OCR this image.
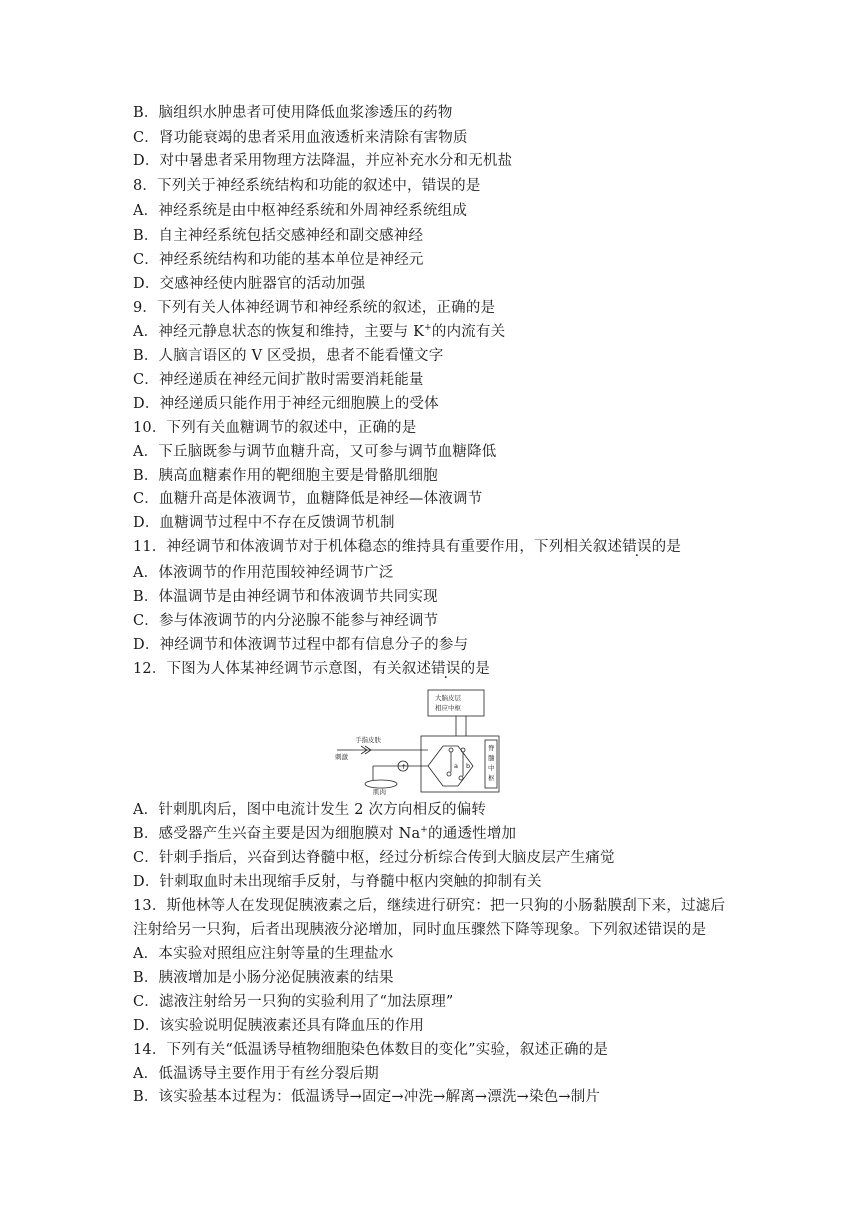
B．脑组织水肿患者可使用降低血浆渗透压的药物
C．肾功能衰竭的患者采用血液透析来清除有害物质
D．对中暑患者采用物理方法降温，并应补充水分和无机盐
8．下列关于神经系统结构和功能的叙述中，错误的是
A．神经系统是由中枢神经系统和外周神经系统组成
B．自主神经系统包括交感神经和副交感神经
C．神经系统结构和功能的基本单位是神经元
D．交感神经使内脏器官的活动加强
9．下列有关人体神经调节和神经系统的叙述，正确的是
A．神经元静息状态的恢复和维持，主要与 K+的内流有关
B．人脑言语区的 V 区受损，患者不能看懂文字
C．神经递质在神经元间扩散时需要消耗能量
D．神经递质只能作用于神经元细胞膜上的受体
10．下列有关血糖调节的叙述中，正确的是
A．下丘脑既参与调节血糖升高，又可参与调节血糖降低
B．胰高血糖素作用的靶细胞主要是骨骼肌细胞
C．血糖升高是体液调节，血糖降低是神经—体液调节
D．血糖调节过程中不存在反馈调节机制
11．神经调节和体液调节对于机体稳态的维持具有重要作用，下列相关叙述错误的是
A．体液调节的作用范围较神经调节广泛
B．体温调节是由神经调节和体液调节共同实现
C．参与体液调节的内分泌腺不能参与神经调节
D．神经调节和体液调节过程中都有信息分子的参与
12．下图为人体某神经调节示意图，有关叙述错误的是
大脑皮层
相应中枢
手指皮肤
刺激
肌肉
↑	a b
脊
髓
中
枢
A．针刺肌肉后，图中电流计发生 2 次方向相反的偏转
B．感受器产生兴奋主要是因为细胞膜对 Na+的通透性增加
C．针刺手指后，兴奋到达脊髓中枢，经过分析综合传到大脑皮层产生痛觉
D．针刺取血时未出现缩手反射，与脊髓中枢内突触的抑制有关
13．斯他林等人在发现促胰液素之后，继续进行研究：把一只狗的小肠黏膜刮下来，过滤后
注射给另一只狗，后者出现胰液分泌增加，同时血压骤然下降等现象。下列叙述错误的是
A．本实验对照组应注射等量的生理盐水
B．胰液增加是小肠分泌促胰液素的结果
C．滤液注射给另一只狗的实验利用了“加法原理”
D．该实验说明促胰液素还具有降血压的作用
14．下列有关“低温诱导植物细胞染色体数目的变化”实验，叙述正确的是
A．低温诱导主要作用于有丝分裂后期
B．该实验基本过程为：低温诱导→固定→冲洗→解离→漂洗→染色→制片
